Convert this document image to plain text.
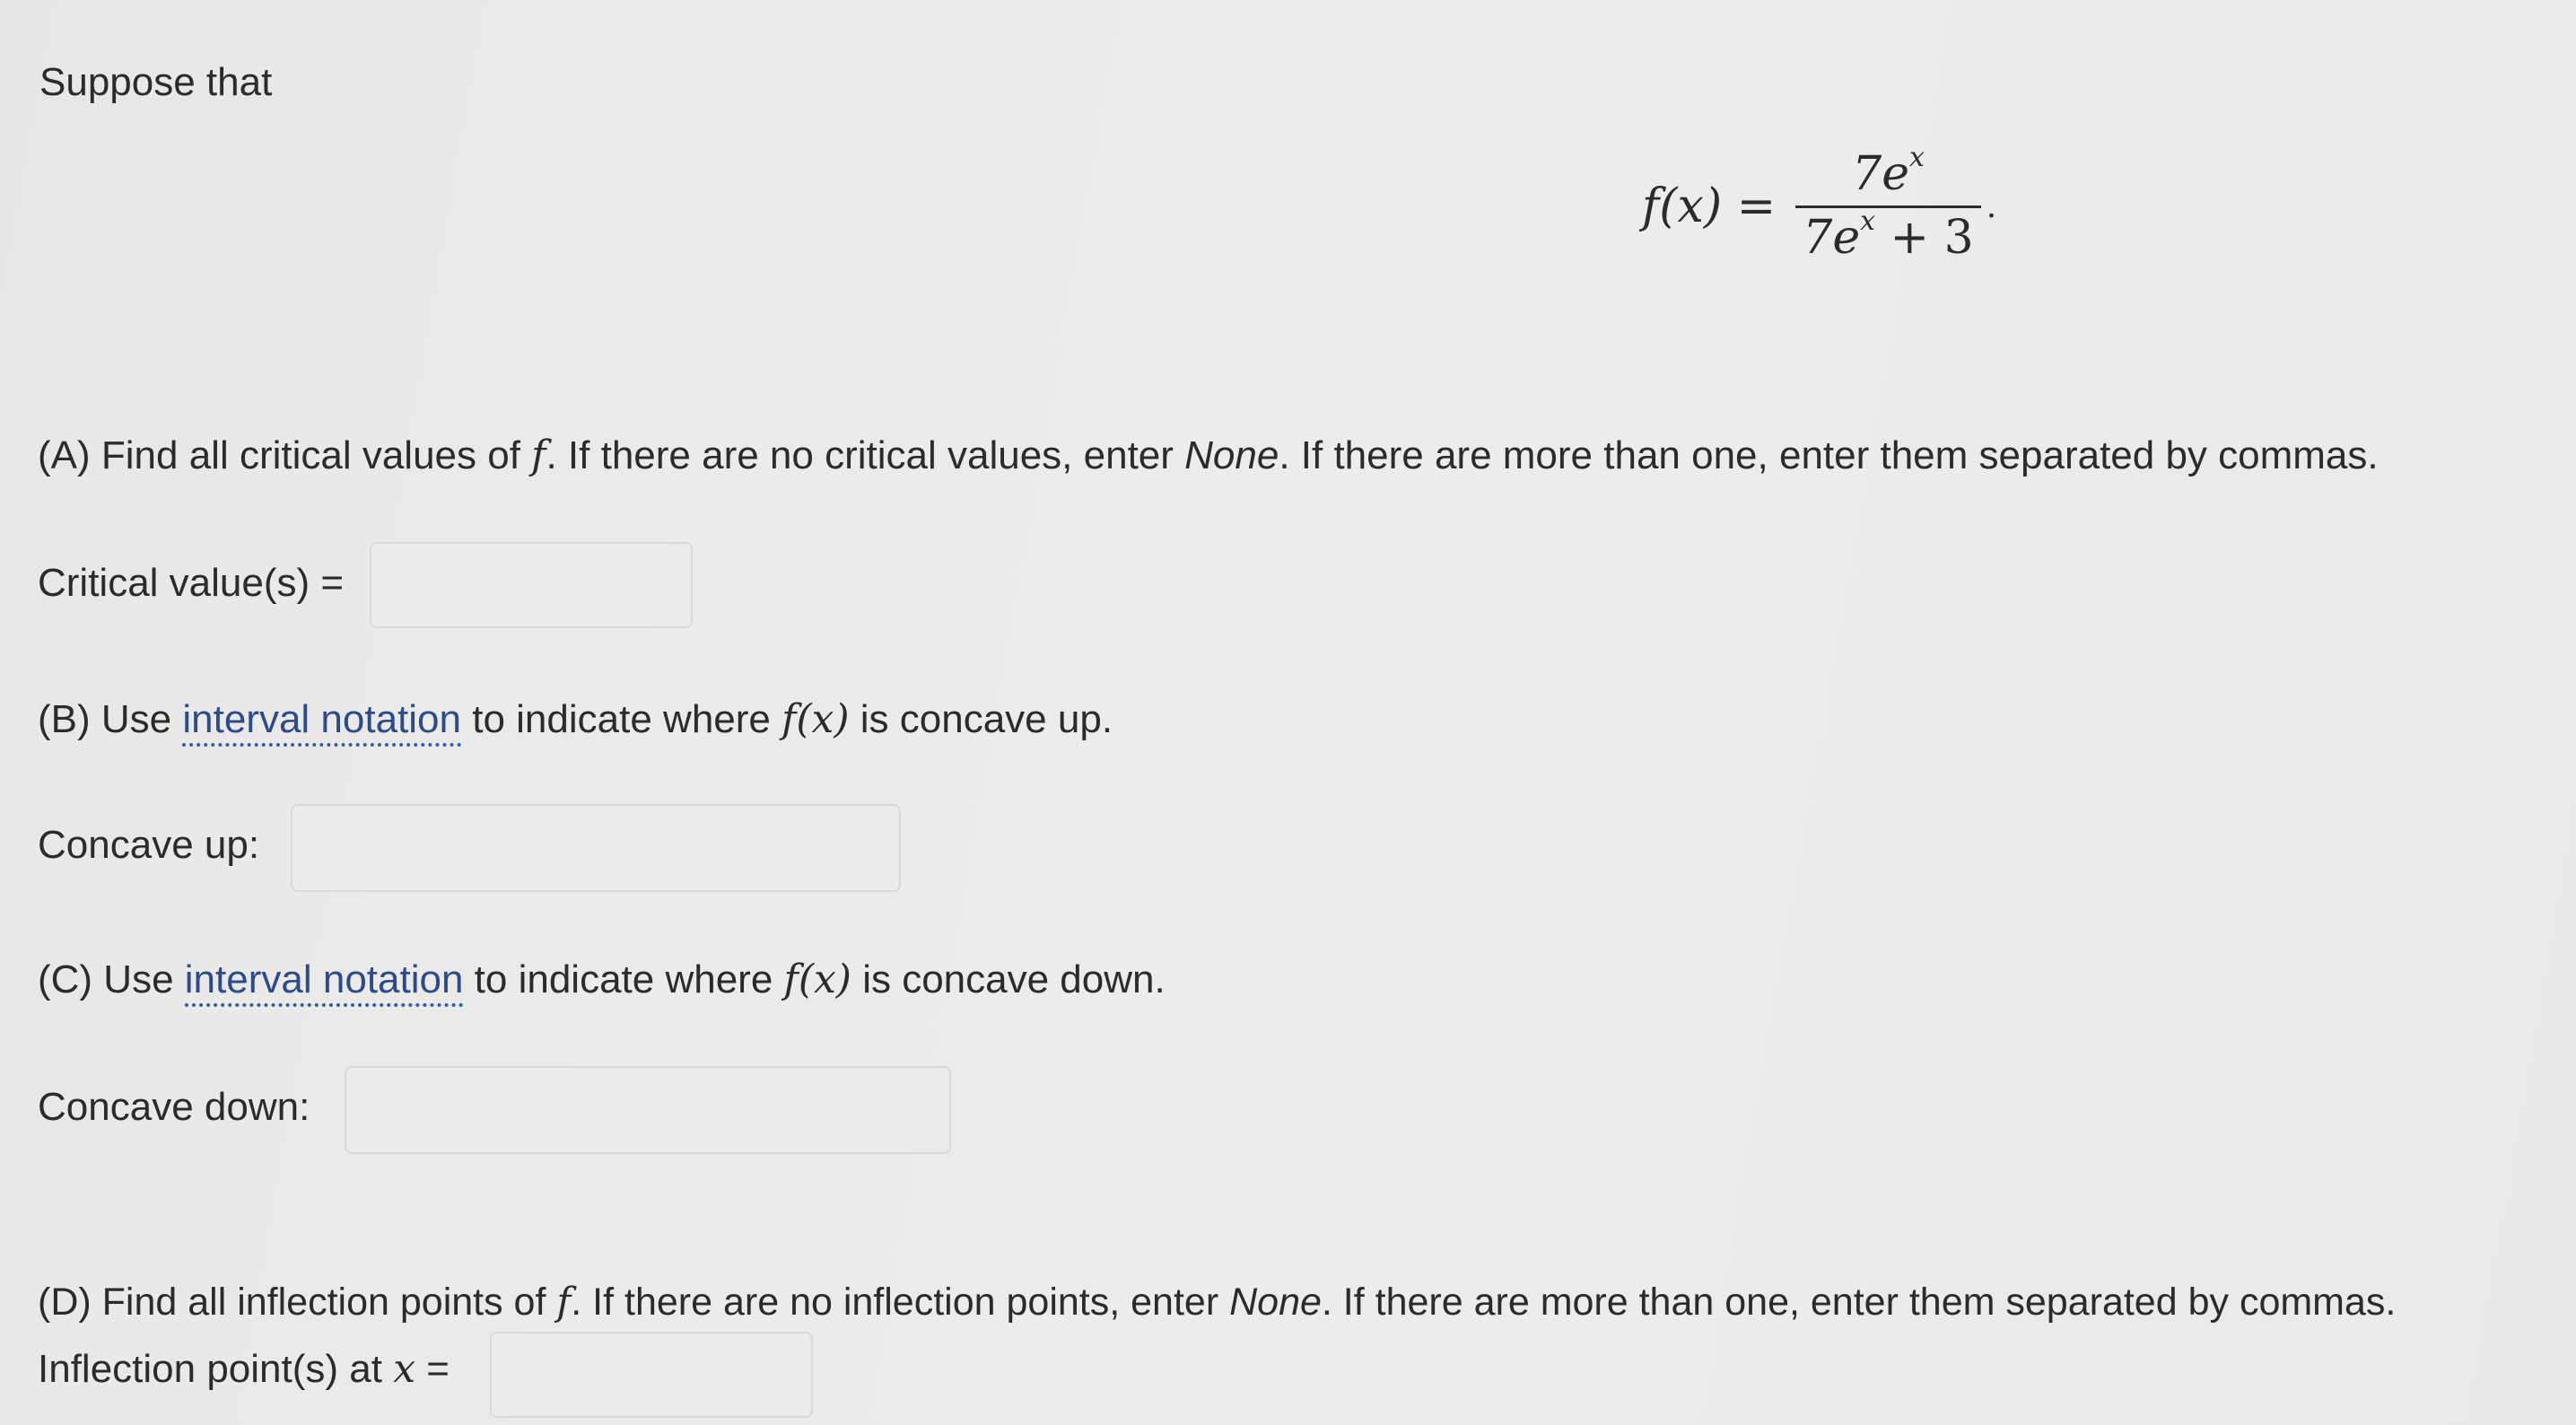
Suppose that
$f(x) = \frac{7e^x}{7e^x + 3}$ .
(A) Find all critical values of f. If there are no critical values, enter None. If there are more than one, enter them separated by commas.
Critical value(s) =
(B) Use interval notation to indicate where f(x) is concave up.
Concave up:
(C) Use interval notation to indicate where f(x) is concave down.
Concave down:
(D) Find all inflection points of f. If there are no inflection points, enter None. If there are more than one, enter them separated by commas.
Inflection point(s) at x =
